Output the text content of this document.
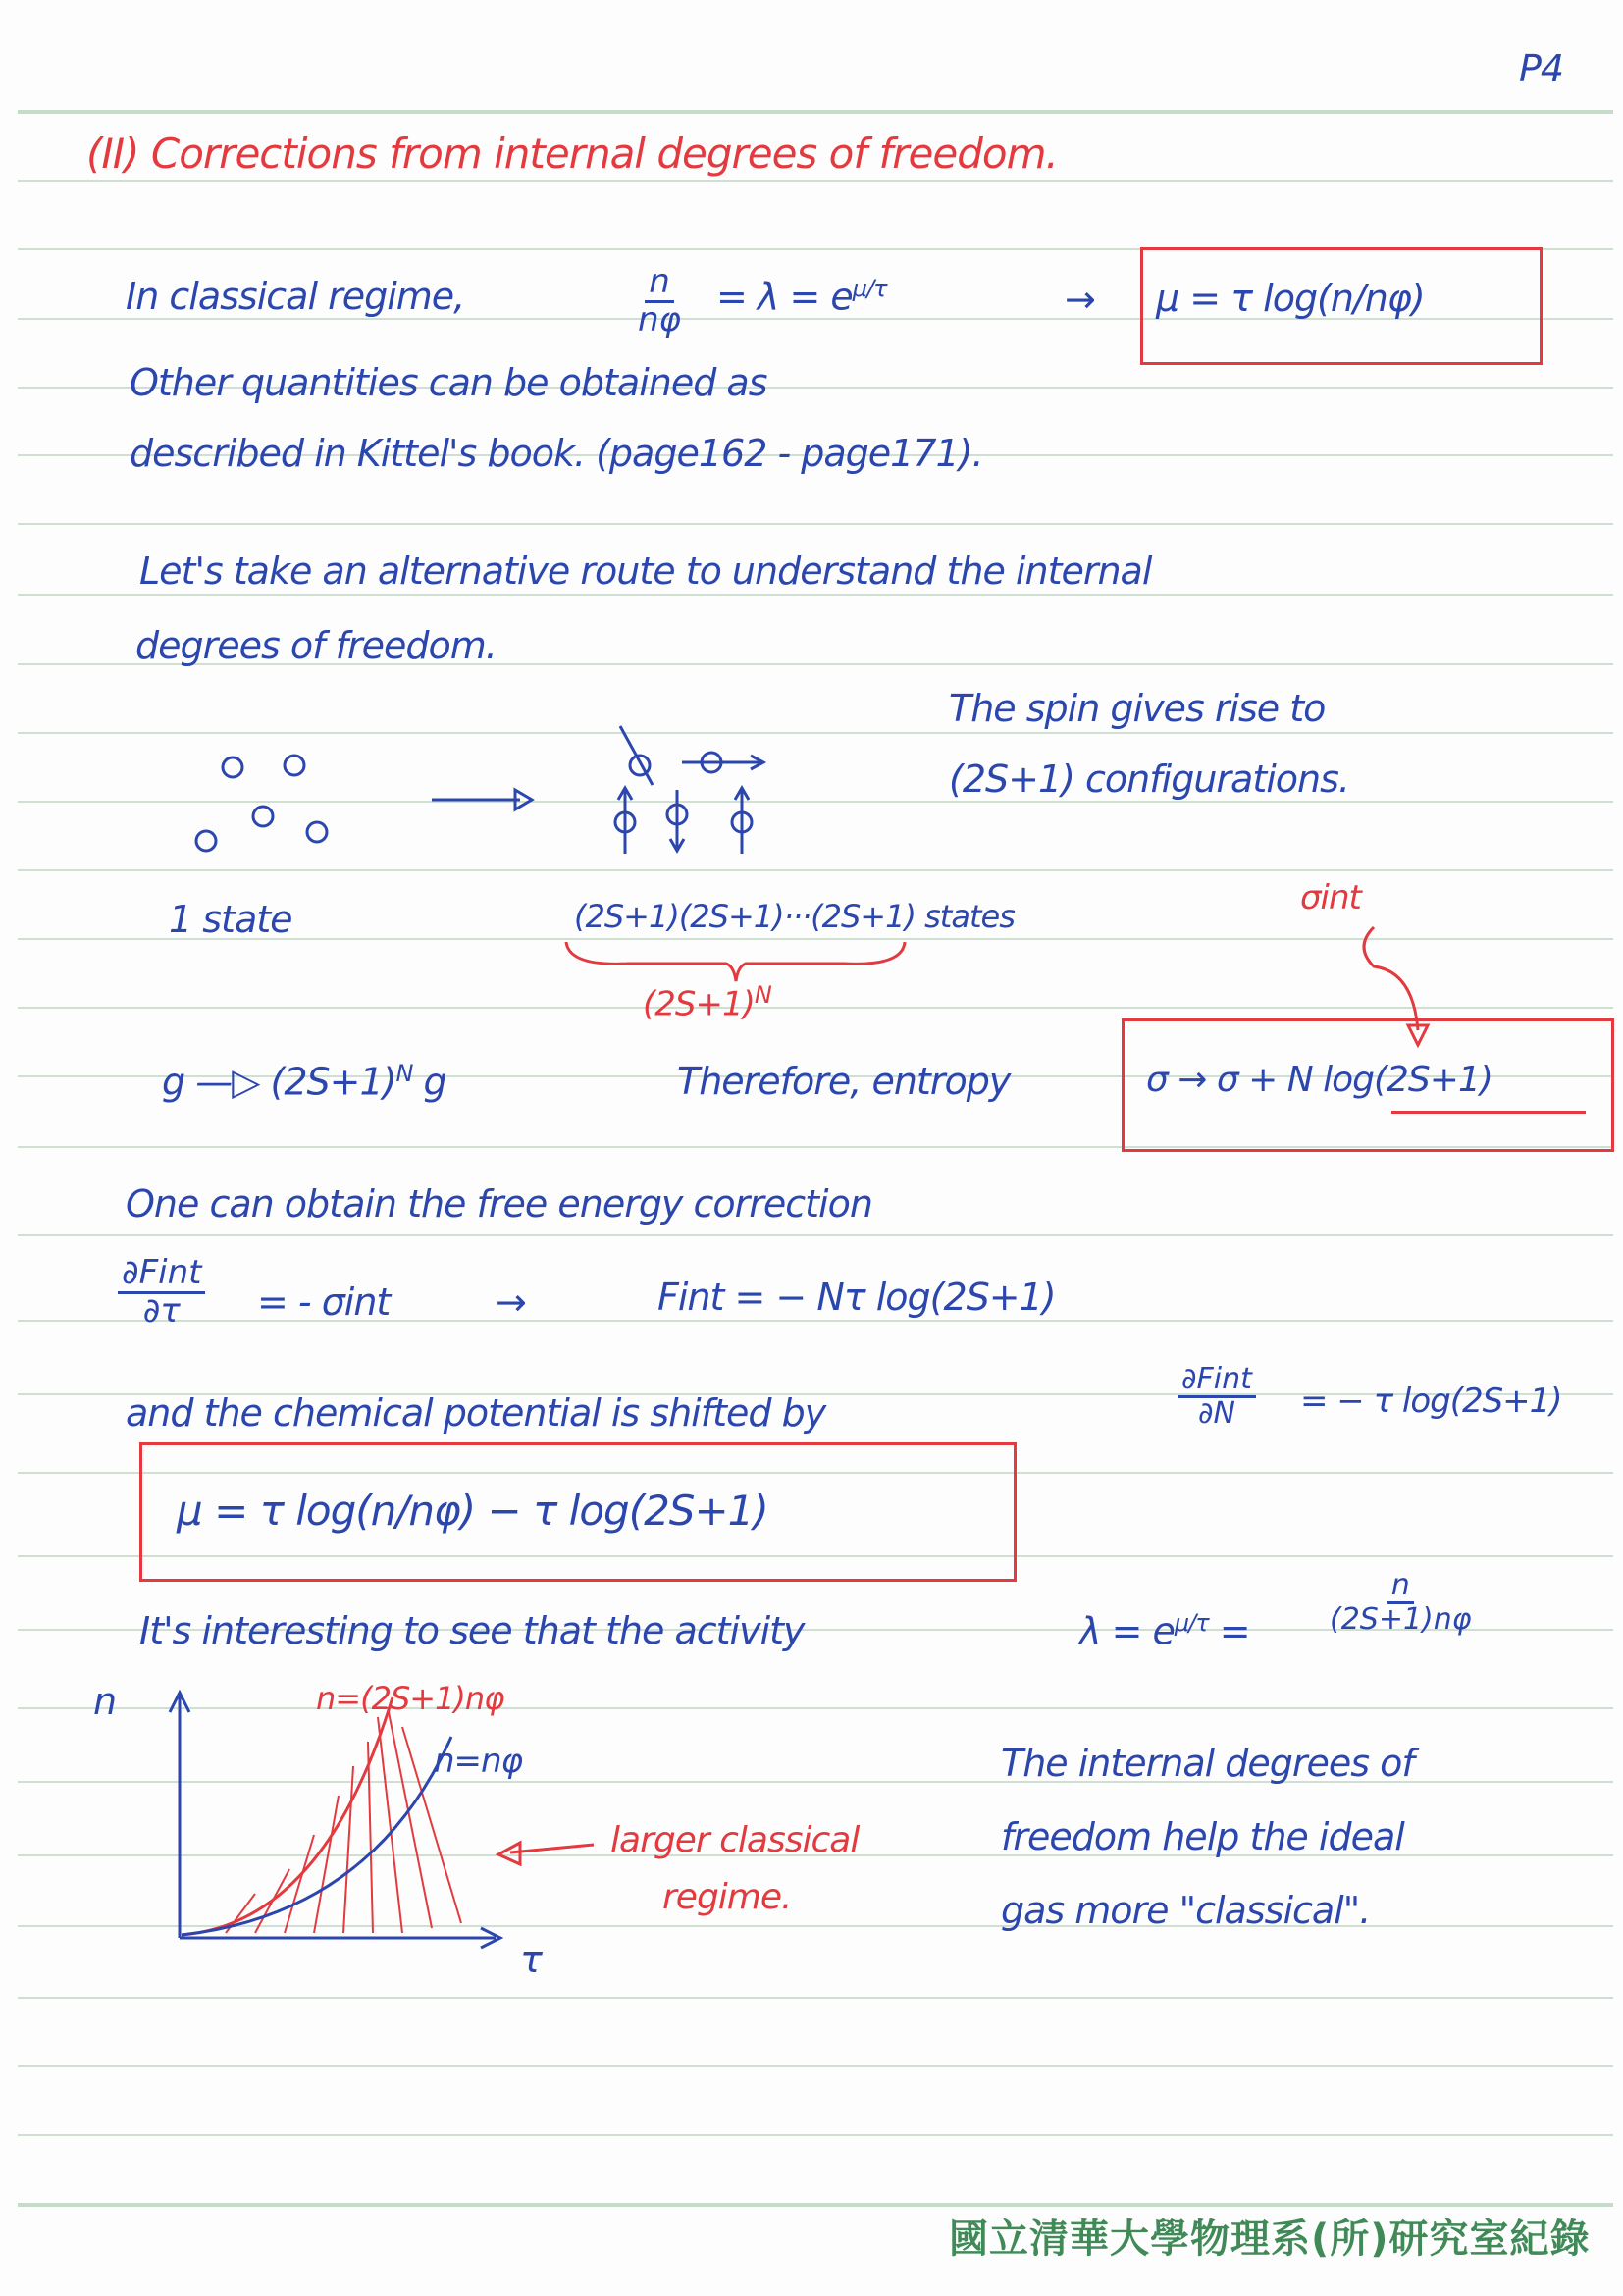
P4
(II) Corrections from internal degrees of freedom.
In classical regime,	$\frac{n}{n\varphi} = \lambda = e^{\mu/\tau}$	→ μ = τ log(n/nφ)
Other quantities can be obtained as
described in Kittel's book. (page162 - page171).
Let's take an alternative route to understand the internal
degrees of freedom.
The spin gives rise to
(2S+1) configurations.
1 state	(2S+1)(2S+1)···(2S+1) states
$(2S+1)^N$
σint
g —▷ $(2S+1)^N$ g	Therefore, entropy	σ → σ + N log(2S+1)
One can obtain the free energy correction
∂Fint
∂τ = - σint	→	Fint = − Nτ log(2S+1)
and the chemical potential is shifted by
∂Fint
∂N = − τ log(2S+1)
μ = τ log(n/nφ) − τ log(2S+1)
It's interesting to see that the activity	$\lambda = e^{\mu/\tau}$ =	$\frac{n}{(2S+1)n\varphi}$
n
τ
n=(2S+1)nφ
n=nφ
larger classical
regime.
The internal degrees of
freedom help the ideal
gas more "classical".
國立清華大學物理系(所)研究室紀錄
